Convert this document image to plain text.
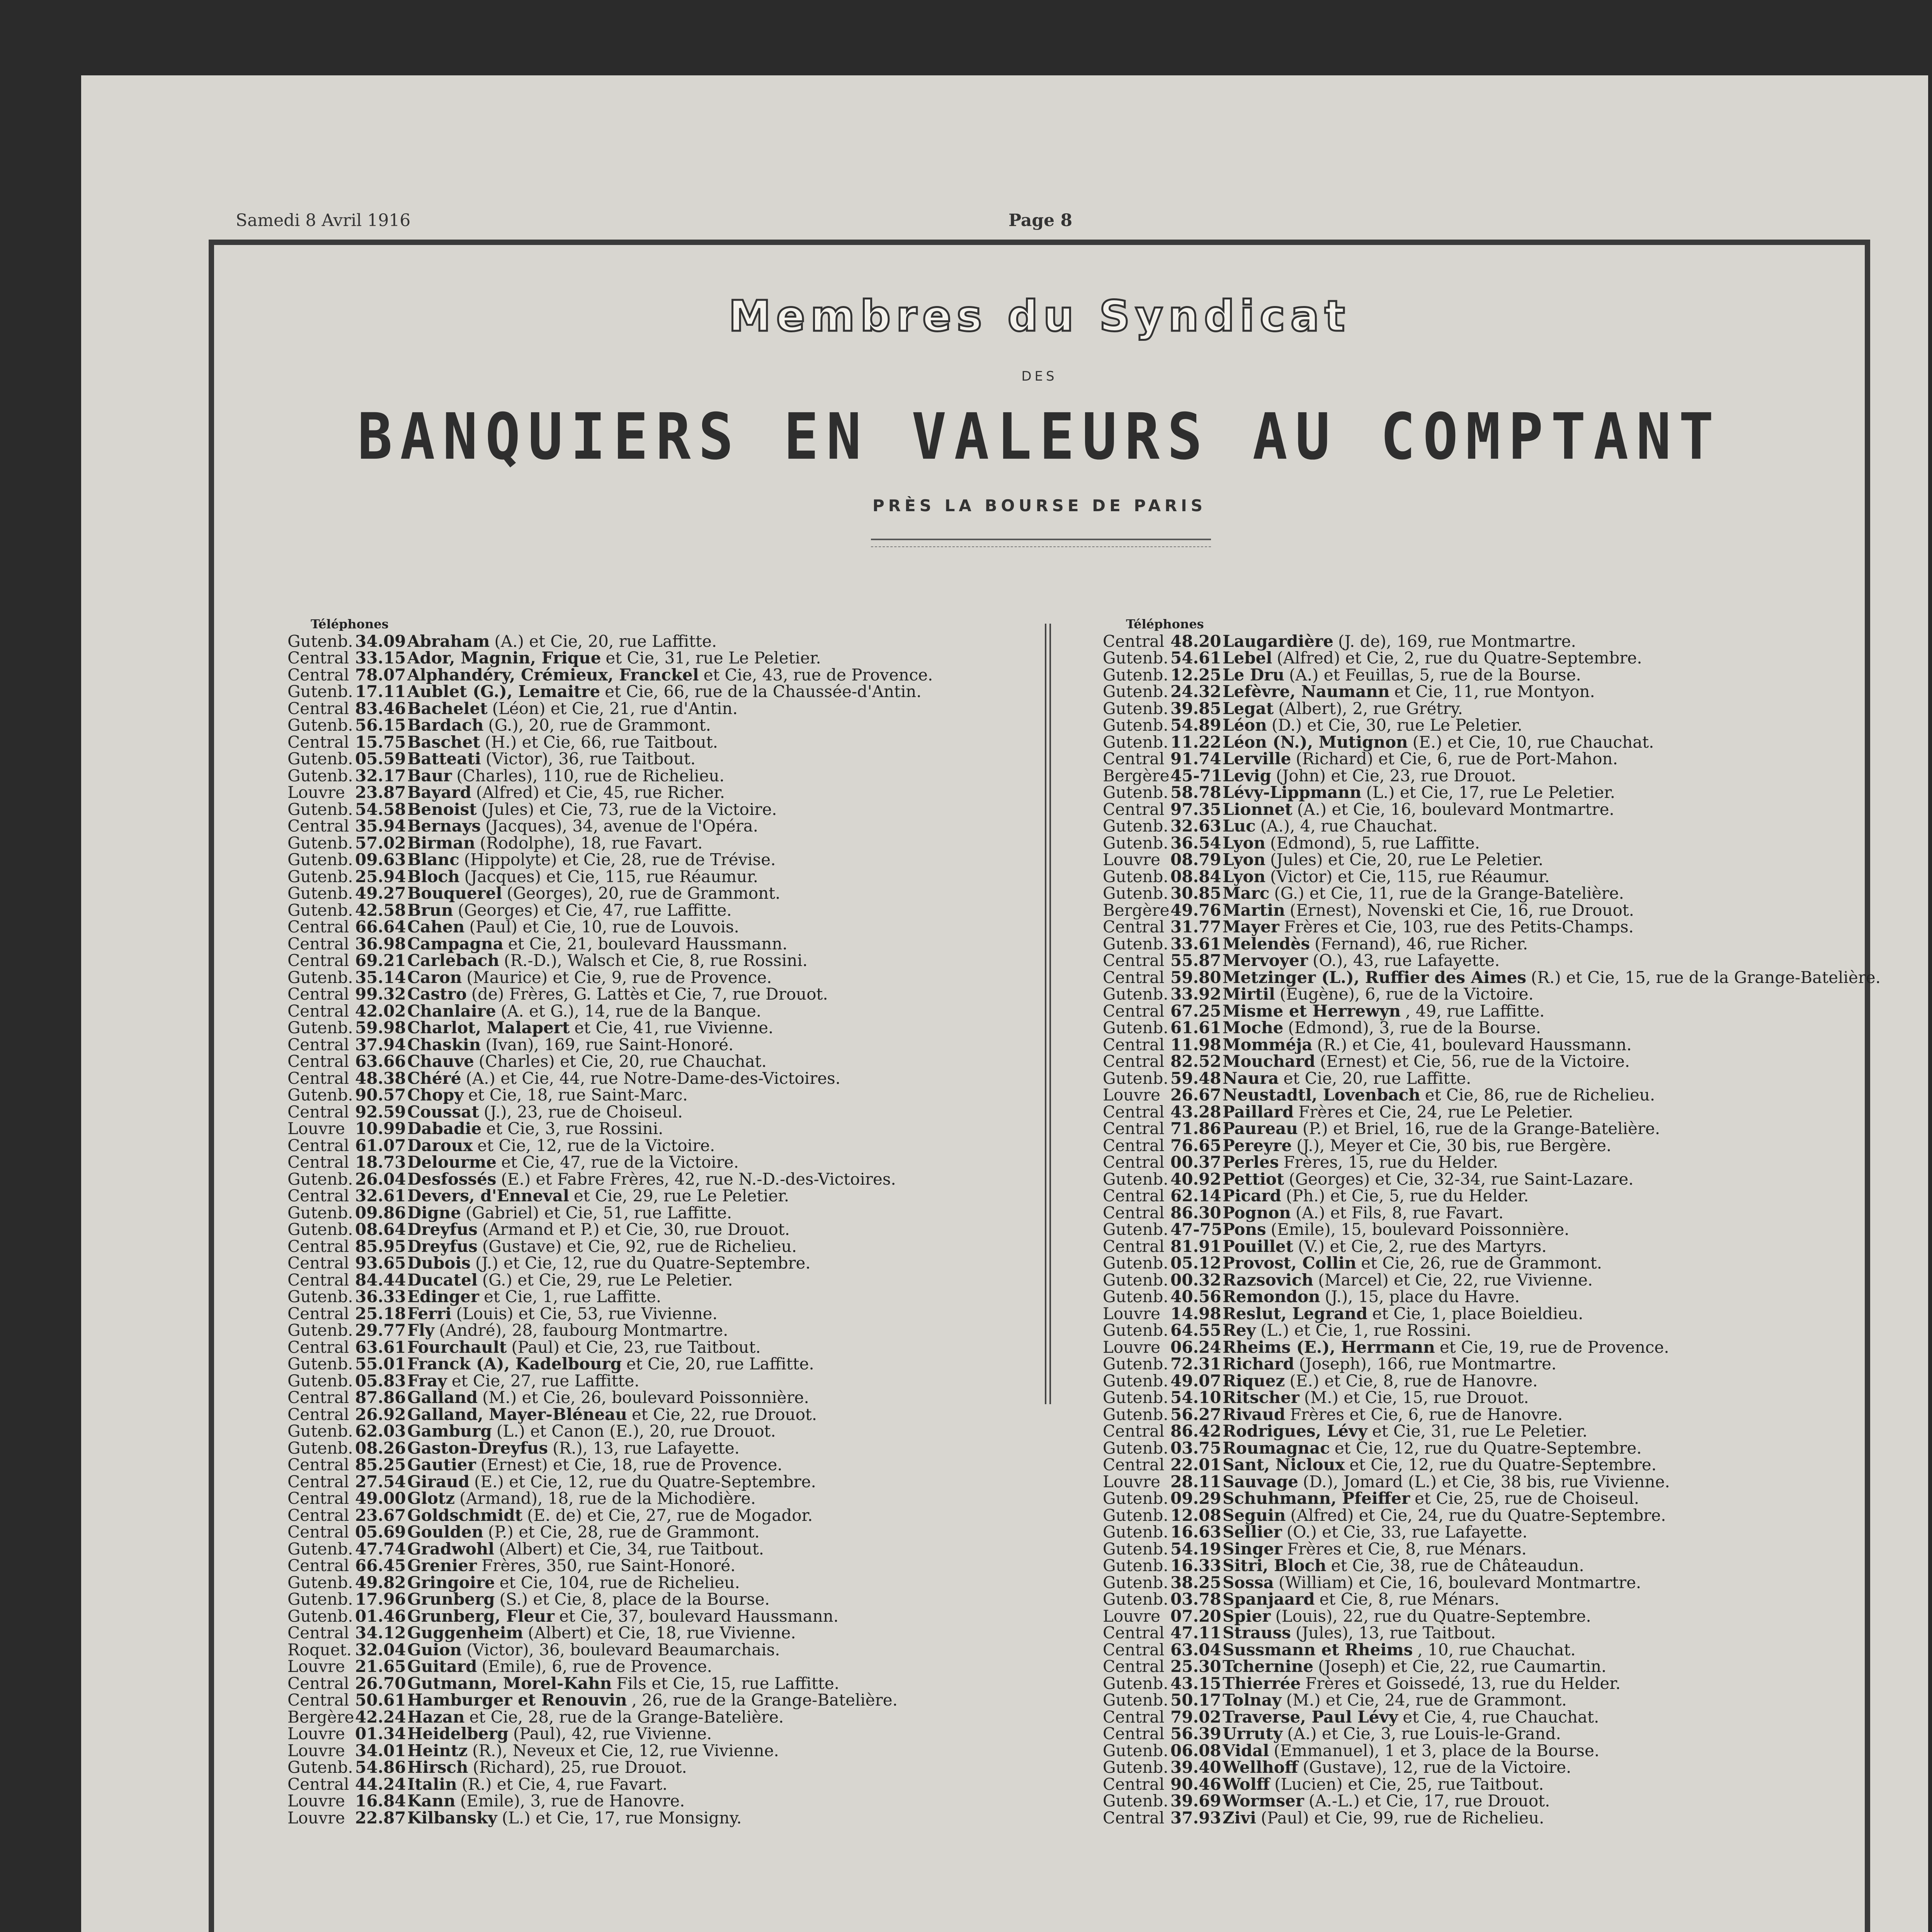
Samedi 8 Avril 1916	Page 8
Membres du Syndicat
DES
BANQUIERS EN VALEURS AU COMPTANT
PRÈS LA BOURSE DE PARIS
Téléphones
Gutenb. 34.09 Abraham (A.) et Cie, 20, rue Laffitte.
Central 33.15 Ador, Magnin, Frique et Cie, 31, rue Le Peletier.
Central 78.07 Alphandéry, Crémieux, Franckel et Cie, 43, rue de Provence.
Gutenb. 17.11 Aublet (G.), Lemaitre et Cie, 66, rue de la Chaussée-d'Antin.
Central 83.46 Bachelet (Léon) et Cie, 21, rue d'Antin.
Gutenb. 56.15 Bardach (G.), 20, rue de Grammont.
Central 15.75 Baschet (H.) et Cie, 66, rue Taitbout.
Gutenb. 05.59 Batteati (Victor), 36, rue Taitbout.
Gutenb. 32.17 Baur (Charles), 110, rue de Richelieu.
Louvre 23.87 Bayard (Alfred) et Cie, 45, rue Richer.
Gutenb. 54.58 Benoist (Jules) et Cie, 73, rue de la Victoire.
Central 35.94 Bernays (Jacques), 34, avenue de l'Opéra.
Gutenb. 57.02 Birman (Rodolphe), 18, rue Favart.
Gutenb. 09.63 Blanc (Hippolyte) et Cie, 28, rue de Trévise.
Gutenb. 25.94 Bloch (Jacques) et Cie, 115, rue Réaumur.
Gutenb. 49.27 Bouquerel (Georges), 20, rue de Grammont.
Gutenb. 42.58 Brun (Georges) et Cie, 47, rue Laffitte.
Central 66.64 Cahen (Paul) et Cie, 10, rue de Louvois.
Central 36.98 Campagna et Cie, 21, boulevard Haussmann.
Central 69.21 Carlebach (R.-D.), Walsch et Cie, 8, rue Rossini.
Gutenb. 35.14 Caron (Maurice) et Cie, 9, rue de Provence.
Central 99.32 Castro (de) Frères, G. Lattès et Cie, 7, rue Drouot.
Central 42.02 Chanlaire (A. et G.), 14, rue de la Banque.
Gutenb. 59.98 Charlot, Malapert et Cie, 41, rue Vivienne.
Central 37.94 Chaskin (Ivan), 169, rue Saint-Honoré.
Central 63.66 Chauve (Charles) et Cie, 20, rue Chauchat.
Central 48.38 Chéré (A.) et Cie, 44, rue Notre-Dame-des-Victoires.
Gutenb. 90.57 Chopy et Cie, 18, rue Saint-Marc.
Central 92.59 Coussat (J.), 23, rue de Choiseul.
Louvre 10.99 Dabadie et Cie, 3, rue Rossini.
Central 61.07 Daroux et Cie, 12, rue de la Victoire.
Central 18.73 Delourme et Cie, 47, rue de la Victoire.
Gutenb. 26.04 Desfossés (E.) et Fabre Frères, 42, rue N.-D.-des-Victoires.
Central 32.61 Devers, d'Enneval et Cie, 29, rue Le Peletier.
Gutenb. 09.86 Digne (Gabriel) et Cie, 51, rue Laffitte.
Gutenb. 08.64 Dreyfus (Armand et P.) et Cie, 30, rue Drouot.
Central 85.95 Dreyfus (Gustave) et Cie, 92, rue de Richelieu.
Central 93.65 Dubois (J.) et Cie, 12, rue du Quatre-Septembre.
Central 84.44 Ducatel (G.) et Cie, 29, rue Le Peletier.
Gutenb. 36.33 Edinger et Cie, 1, rue Laffitte.
Central 25.18 Ferri (Louis) et Cie, 53, rue Vivienne.
Gutenb. 29.77 Fly (André), 28, faubourg Montmartre.
Central 63.61 Fourchault (Paul) et Cie, 23, rue Taitbout.
Gutenb. 55.01 Franck (A), Kadelbourg et Cie, 20, rue Laffitte.
Gutenb. 05.83 Fray et Cie, 27, rue Laffitte.
Central 87.86 Galland (M.) et Cie, 26, boulevard Poissonnière.
Central 26.92 Galland, Mayer-Bléneau et Cie, 22, rue Drouot.
Gutenb. 62.03 Gamburg (L.) et Canon (E.), 20, rue Drouot.
Gutenb. 08.26 Gaston-Dreyfus (R.), 13, rue Lafayette.
Central 85.25 Gautier (Ernest) et Cie, 18, rue de Provence.
Central 27.54 Giraud (E.) et Cie, 12, rue du Quatre-Septembre.
Central 49.00 Glotz (Armand), 18, rue de la Michodière.
Central 23.67 Goldschmidt (E. de) et Cie, 27, rue de Mogador.
Central 05.69 Goulden (P.) et Cie, 28, rue de Grammont.
Gutenb. 47.74 Gradwohl (Albert) et Cie, 34, rue Taitbout.
Central 66.45 Grenier Frères, 350, rue Saint-Honoré.
Gutenb. 49.82 Gringoire et Cie, 104, rue de Richelieu.
Gutenb. 17.96 Grunberg (S.) et Cie, 8, place de la Bourse.
Gutenb. 01.46 Grunberg, Fleur et Cie, 37, boulevard Haussmann.
Central 34.12 Guggenheim (Albert) et Cie, 18, rue Vivienne.
Roquet. 32.04 Guion (Victor), 36, boulevard Beaumarchais.
Louvre 21.65 Guitard (Emile), 6, rue de Provence.
Central 26.70 Gutmann, Morel-Kahn Fils et Cie, 15, rue Laffitte.
Central 50.61 Hamburger et Renouvin , 26, rue de la Grange-Batelière.
Bergère 42.24 Hazan et Cie, 28, rue de la Grange-Batelière.
Louvre 01.34 Heidelberg (Paul), 42, rue Vivienne.
Louvre 34.01 Heintz (R.), Neveux et Cie, 12, rue Vivienne.
Gutenb. 54.86 Hirsch (Richard), 25, rue Drouot.
Central 44.24 Italin (R.) et Cie, 4, rue Favart.
Louvre 16.84 Kann (Emile), 3, rue de Hanovre.
Louvre 22.87 Kilbansky (L.) et Cie, 17, rue Monsigny.
Téléphones
Central 48.20 Laugardière (J. de), 169, rue Montmartre.
Gutenb. 54.61 Lebel (Alfred) et Cie, 2, rue du Quatre-Septembre.
Gutenb. 12.25 Le Dru (A.) et Feuillas, 5, rue de la Bourse.
Gutenb. 24.32 Lefèvre, Naumann et Cie, 11, rue Montyon.
Gutenb. 39.85 Legat (Albert), 2, rue Grétry.
Gutenb. 54.89 Léon (D.) et Cie, 30, rue Le Peletier.
Gutenb. 11.22 Léon (N.), Mutignon (E.) et Cie, 10, rue Chauchat.
Central 91.74 Lerville (Richard) et Cie, 6, rue de Port-Mahon.
Bergère 45-71 Levig (John) et Cie, 23, rue Drouot.
Gutenb. 58.78 Lévy-Lippmann (L.) et Cie, 17, rue Le Peletier.
Central 97.35 Lionnet (A.) et Cie, 16, boulevard Montmartre.
Gutenb. 32.63 Luc (A.), 4, rue Chauchat.
Gutenb. 36.54 Lyon (Edmond), 5, rue Laffitte.
Louvre 08.79 Lyon (Jules) et Cie, 20, rue Le Peletier.
Gutenb. 08.84 Lyon (Victor) et Cie, 115, rue Réaumur.
Gutenb. 30.85 Marc (G.) et Cie, 11, rue de la Grange-Batelière.
Bergère 49.76 Martin (Ernest), Novenski et Cie, 16, rue Drouot.
Central 31.77 Mayer Frères et Cie, 103, rue des Petits-Champs.
Gutenb. 33.61 Melendès (Fernand), 46, rue Richer.
Central 55.87 Mervoyer (O.), 43, rue Lafayette.
Central 59.80 Metzinger (L.), Ruffier des Aimes (R.) et Cie, 15, rue de la Grange-Batelière.
Gutenb. 33.92 Mirtil (Eugène), 6, rue de la Victoire.
Central 67.25 Misme et Herrewyn , 49, rue Laffitte.
Gutenb. 61.61 Moche (Edmond), 3, rue de la Bourse.
Central 11.98 Momméja (R.) et Cie, 41, boulevard Haussmann.
Central 82.52 Mouchard (Ernest) et Cie, 56, rue de la Victoire.
Gutenb. 59.48 Naura et Cie, 20, rue Laffitte.
Louvre 26.67 Neustadtl, Lovenbach et Cie, 86, rue de Richelieu.
Central 43.28 Paillard Frères et Cie, 24, rue Le Peletier.
Central 71.86 Paureau (P.) et Briel, 16, rue de la Grange-Batelière.
Central 76.65 Pereyre (J.), Meyer et Cie, 30 bis, rue Bergère.
Central 00.37 Perles Frères, 15, rue du Helder.
Gutenb. 40.92 Pettiot (Georges) et Cie, 32-34, rue Saint-Lazare.
Central 62.14 Picard (Ph.) et Cie, 5, rue du Helder.
Central 86.30 Pognon (A.) et Fils, 8, rue Favart.
Gutenb. 47-75 Pons (Emile), 15, boulevard Poissonnière.
Central 81.91 Pouillet (V.) et Cie, 2, rue des Martyrs.
Gutenb. 05.12 Provost, Collin et Cie, 26, rue de Grammont.
Gutenb. 00.32 Razsovich (Marcel) et Cie, 22, rue Vivienne.
Gutenb. 40.56 Remondon (J.), 15, place du Havre.
Louvre 14.98 Reslut, Legrand et Cie, 1, place Boieldieu.
Gutenb. 64.55 Rey (L.) et Cie, 1, rue Rossini.
Louvre 06.24 Rheims (E.), Herrmann et Cie, 19, rue de Provence.
Gutenb. 72.31 Richard (Joseph), 166, rue Montmartre.
Gutenb. 49.07 Riquez (E.) et Cie, 8, rue de Hanovre.
Gutenb. 54.10 Ritscher (M.) et Cie, 15, rue Drouot.
Gutenb. 56.27 Rivaud Frères et Cie, 6, rue de Hanovre.
Central 86.42 Rodrigues, Lévy et Cie, 31, rue Le Peletier.
Gutenb. 03.75 Roumagnac et Cie, 12, rue du Quatre-Septembre.
Central 22.01 Sant, Nicloux et Cie, 12, rue du Quatre-Septembre.
Louvre 28.11 Sauvage (D.), Jomard (L.) et Cie, 38 bis, rue Vivienne.
Gutenb. 09.29 Schuhmann, Pfeiffer et Cie, 25, rue de Choiseul.
Gutenb. 12.08 Seguin (Alfred) et Cie, 24, rue du Quatre-Septembre.
Gutenb. 16.63 Sellier (O.) et Cie, 33, rue Lafayette.
Gutenb. 54.19 Singer Frères et Cie, 8, rue Ménars.
Gutenb. 16.33 Sitri, Bloch et Cie, 38, rue de Châteaudun.
Gutenb. 38.25 Sossa (William) et Cie, 16, boulevard Montmartre.
Gutenb. 03.78 Spanjaard et Cie, 8, rue Ménars.
Louvre 07.20 Spier (Louis), 22, rue du Quatre-Septembre.
Central 47.11 Strauss (Jules), 13, rue Taitbout.
Central 63.04 Sussmann et Rheims , 10, rue Chauchat.
Central 25.30 Tchernine (Joseph) et Cie, 22, rue Caumartin.
Gutenb. 43.15 Thierrée Frères et Goissedé, 13, rue du Helder.
Gutenb. 50.17 Tolnay (M.) et Cie, 24, rue de Grammont.
Central 79.02 Traverse, Paul Lévy et Cie, 4, rue Chauchat.
Central 56.39 Urruty (A.) et Cie, 3, rue Louis-le-Grand.
Gutenb. 06.08 Vidal (Emmanuel), 1 et 3, place de la Bourse.
Gutenb. 39.40 Wellhoff (Gustave), 12, rue de la Victoire.
Central 90.46 Wolff (Lucien) et Cie, 25, rue Taitbout.
Gutenb. 39.69 Wormser (A.-L.) et Cie, 17, rue Drouot.
Central 37.93 Zivi (Paul) et Cie, 99, rue de Richelieu.
